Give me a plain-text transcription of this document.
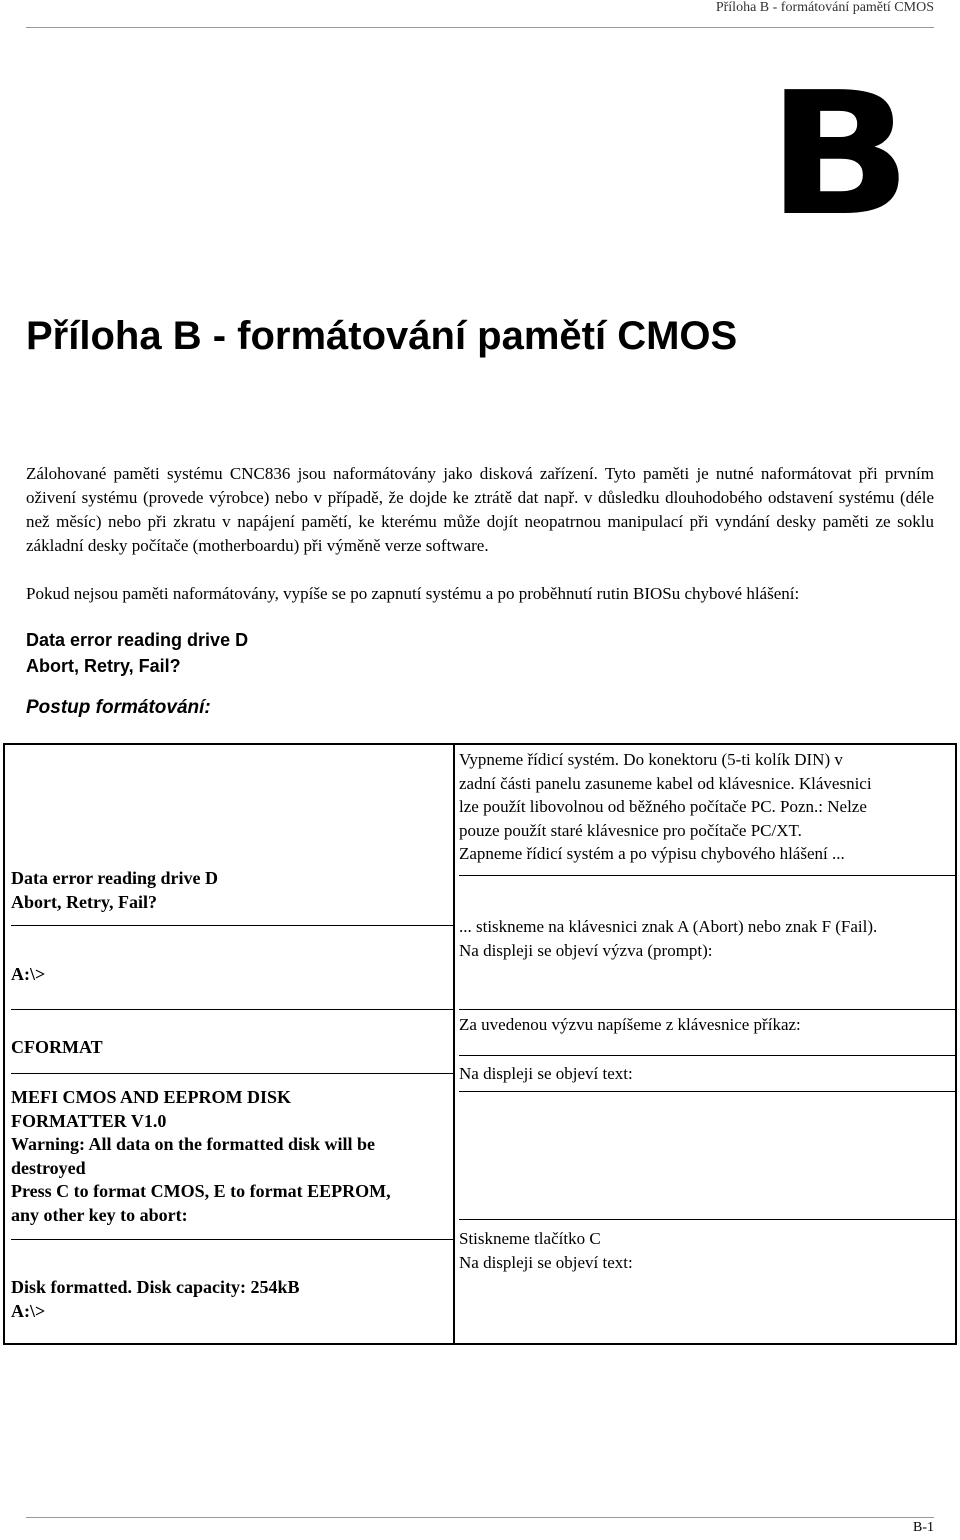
Příloha B - formátování pamětí CMOS
B
Příloha B - formátování pamětí CMOS

Zálohované paměti systému CNC836 jsou naformátovány jako disková zařízení. Tyto paměti je nutné naformátovat při prvním oživení systému (provede výrobce) nebo v případě, že dojde ke ztrátě dat např. v důsledku dlouhodobého odstavení systému (déle než měsíc) nebo při zkratu v napájení pamětí, ke kterému může dojít neopatrnou manipulací při vyndání desky paměti ze soklu základní desky počítače (motherboardu) při výměně verze software.

Pokud nejsou paměti naformátovány, vypíše se po zapnutí systému a po proběhnutí rutin BIOSu chybové hlášení:

Data error reading drive D
Abort, Retry, Fail?
Postup formátování:
Data error reading drive D
Abort, Retry, Fail?
A:\>
CFORMAT
MEFI CMOS AND EEPROM DISK
FORMATTER V1.0
Warning: All data on the formatted disk will be
destroyed
Press C to format CMOS, E to format EEPROM,
any other key to abort:
Disk formatted. Disk capacity: 254kB
A:\>
Vypneme řídicí systém. Do konektoru (5-ti kolík DIN) v
zadní části panelu zasuneme kabel od klávesnice. Klávesnici
lze použít libovolnou od běžného počítače PC. Pozn.: Nelze
pouze použít staré klávesnice pro počítače PC/XT.
Zapneme řídicí systém a po výpisu chybového hlášení ...
... stiskneme na klávesnici znak A (Abort) nebo znak F (Fail).
Na displeji se objeví výzva (prompt):
Za uvedenou výzvu napíšeme z klávesnice příkaz:
Na displeji se objeví text:
Stiskneme tlačítko C
Na displeji se objeví text:
B-1
